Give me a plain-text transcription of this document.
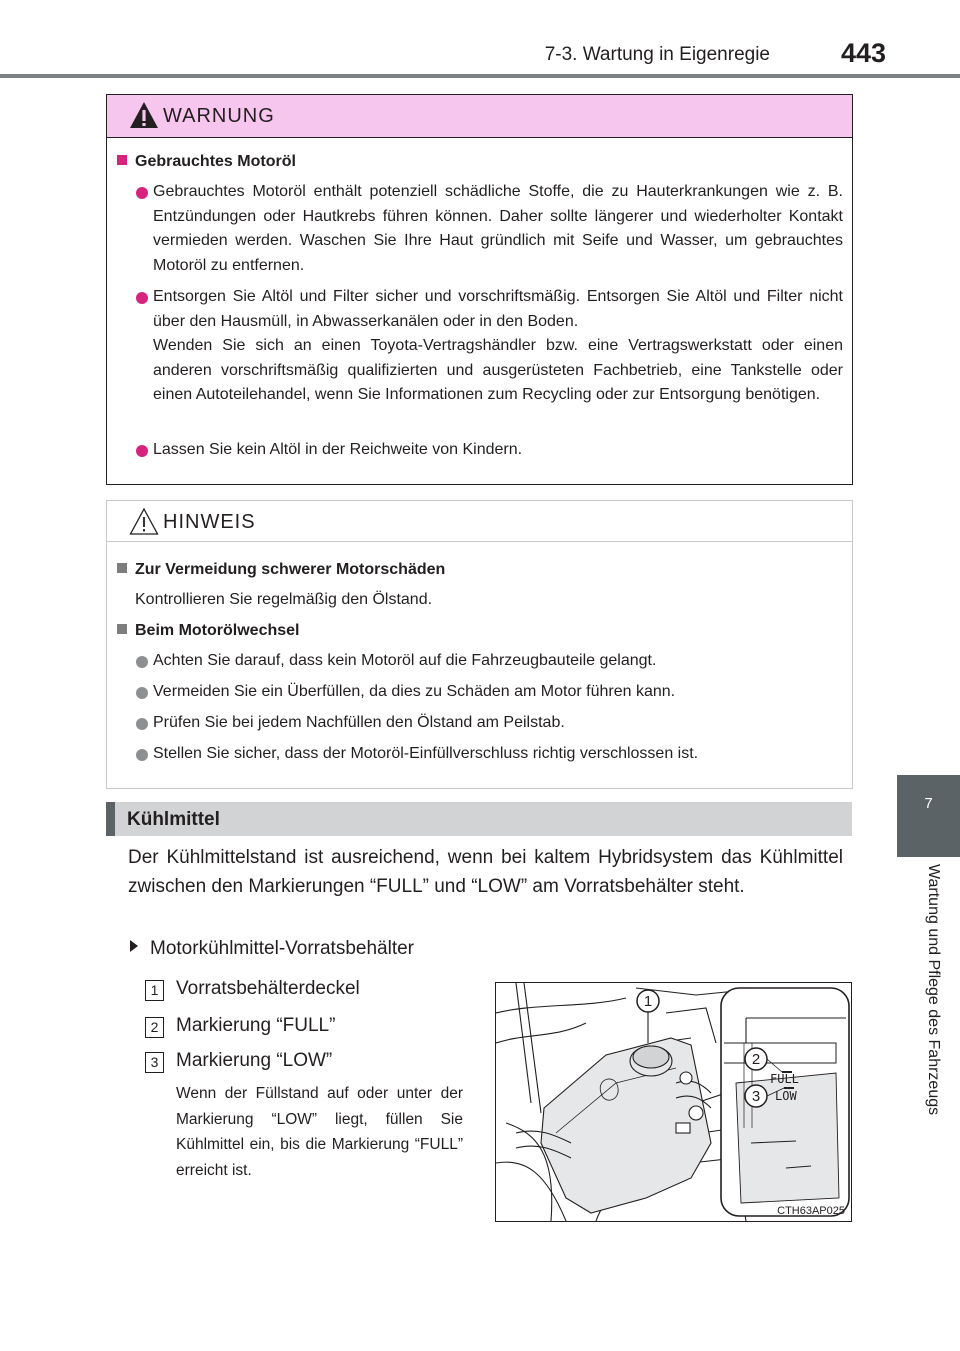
7-3. Wartung in Eigenregie	443
7
Wartung und Pflege des Fahrzeugs
WARNUNG
Gebrauchtes Motoröl
Gebrauchtes Motoröl enthält potenziell schädliche Stoffe, die zu Hauterkrankungen wie z. B. Entzündungen oder Hautkrebs führen können. Daher sollte längerer und wiederholter Kontakt vermieden werden. Waschen Sie Ihre Haut gründlich mit Seife und Wasser, um gebrauchtes Motoröl zu entfernen.
Entsorgen Sie Altöl und Filter sicher und vorschriftsmäßig. Entsorgen Sie Altöl und Filter nicht über den Hausmüll, in Abwasserkanälen oder in den Boden.
Wenden Sie sich an einen Toyota-Vertragshändler bzw. eine Vertragswerkstatt oder einen anderen vorschriftsmäßig qualifizierten und ausgerüsteten Fachbetrieb, eine Tankstelle oder einen Autoteilehandel, wenn Sie Informationen zum Recycling oder zur Entsorgung benötigen.
Lassen Sie kein Altöl in der Reichweite von Kindern.
HINWEIS
Zur Vermeidung schwerer Motorschäden
Kontrollieren Sie regelmäßig den Ölstand.
Beim Motorölwechsel
Achten Sie darauf, dass kein Motoröl auf die Fahrzeugbauteile gelangt.
Vermeiden Sie ein Überfüllen, da dies zu Schäden am Motor führen kann.
Prüfen Sie bei jedem Nachfüllen den Ölstand am Peilstab.
Stellen Sie sicher, dass der Motoröl-Einfüllverschluss richtig verschlossen ist.
Kühlmittel
Der Kühlmittelstand ist ausreichend, wenn bei kaltem Hybridsystem das Kühlmittel zwischen den Markierungen “FULL” und “LOW” am Vorratsbehälter steht.
Motorkühlmittel-Vorratsbehälter
1 Vorratsbehälterdeckel
2 Markierung “FULL”
3 Markierung “LOW”
Wenn der Füllstand auf oder unter der Markierung “LOW” liegt, füllen Sie Kühlmittel ein, bis die Markierung “FULL” erreicht ist.
FULL
LOW
1
2
3
CTH63AP025
